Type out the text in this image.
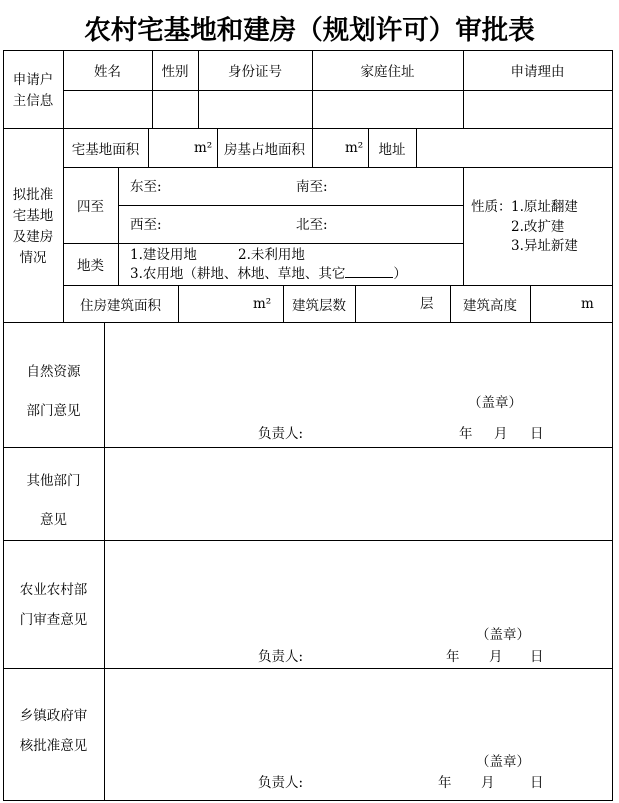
农村宅基地和建房（规划许可）审批表
申请户
主信息
姓名	性别	身份证号	家庭住址	申请理由
拟批准
宅基地
及建房
情况
宅基地面积	m² 房基占地面积	m²	地址
四至
东至:	南至:
西至:	北至:
性质： 1.原址翻建
2.改扩建
3.异址新建
地类
1.建设用地	2.未利用地
3.农用地（耕地、林地、草地、其它	）
住房建筑面积	m²	建筑层数	层	建筑高度	m
自然资源
部门意见	（盖章）
负责人:	年 月 日
其他部门
意见
农业农村部
门审查意见
（盖章）
负责人:	年 月 日
乡镇政府审
核批准意见
（盖章）
负责人:	年 月	日
